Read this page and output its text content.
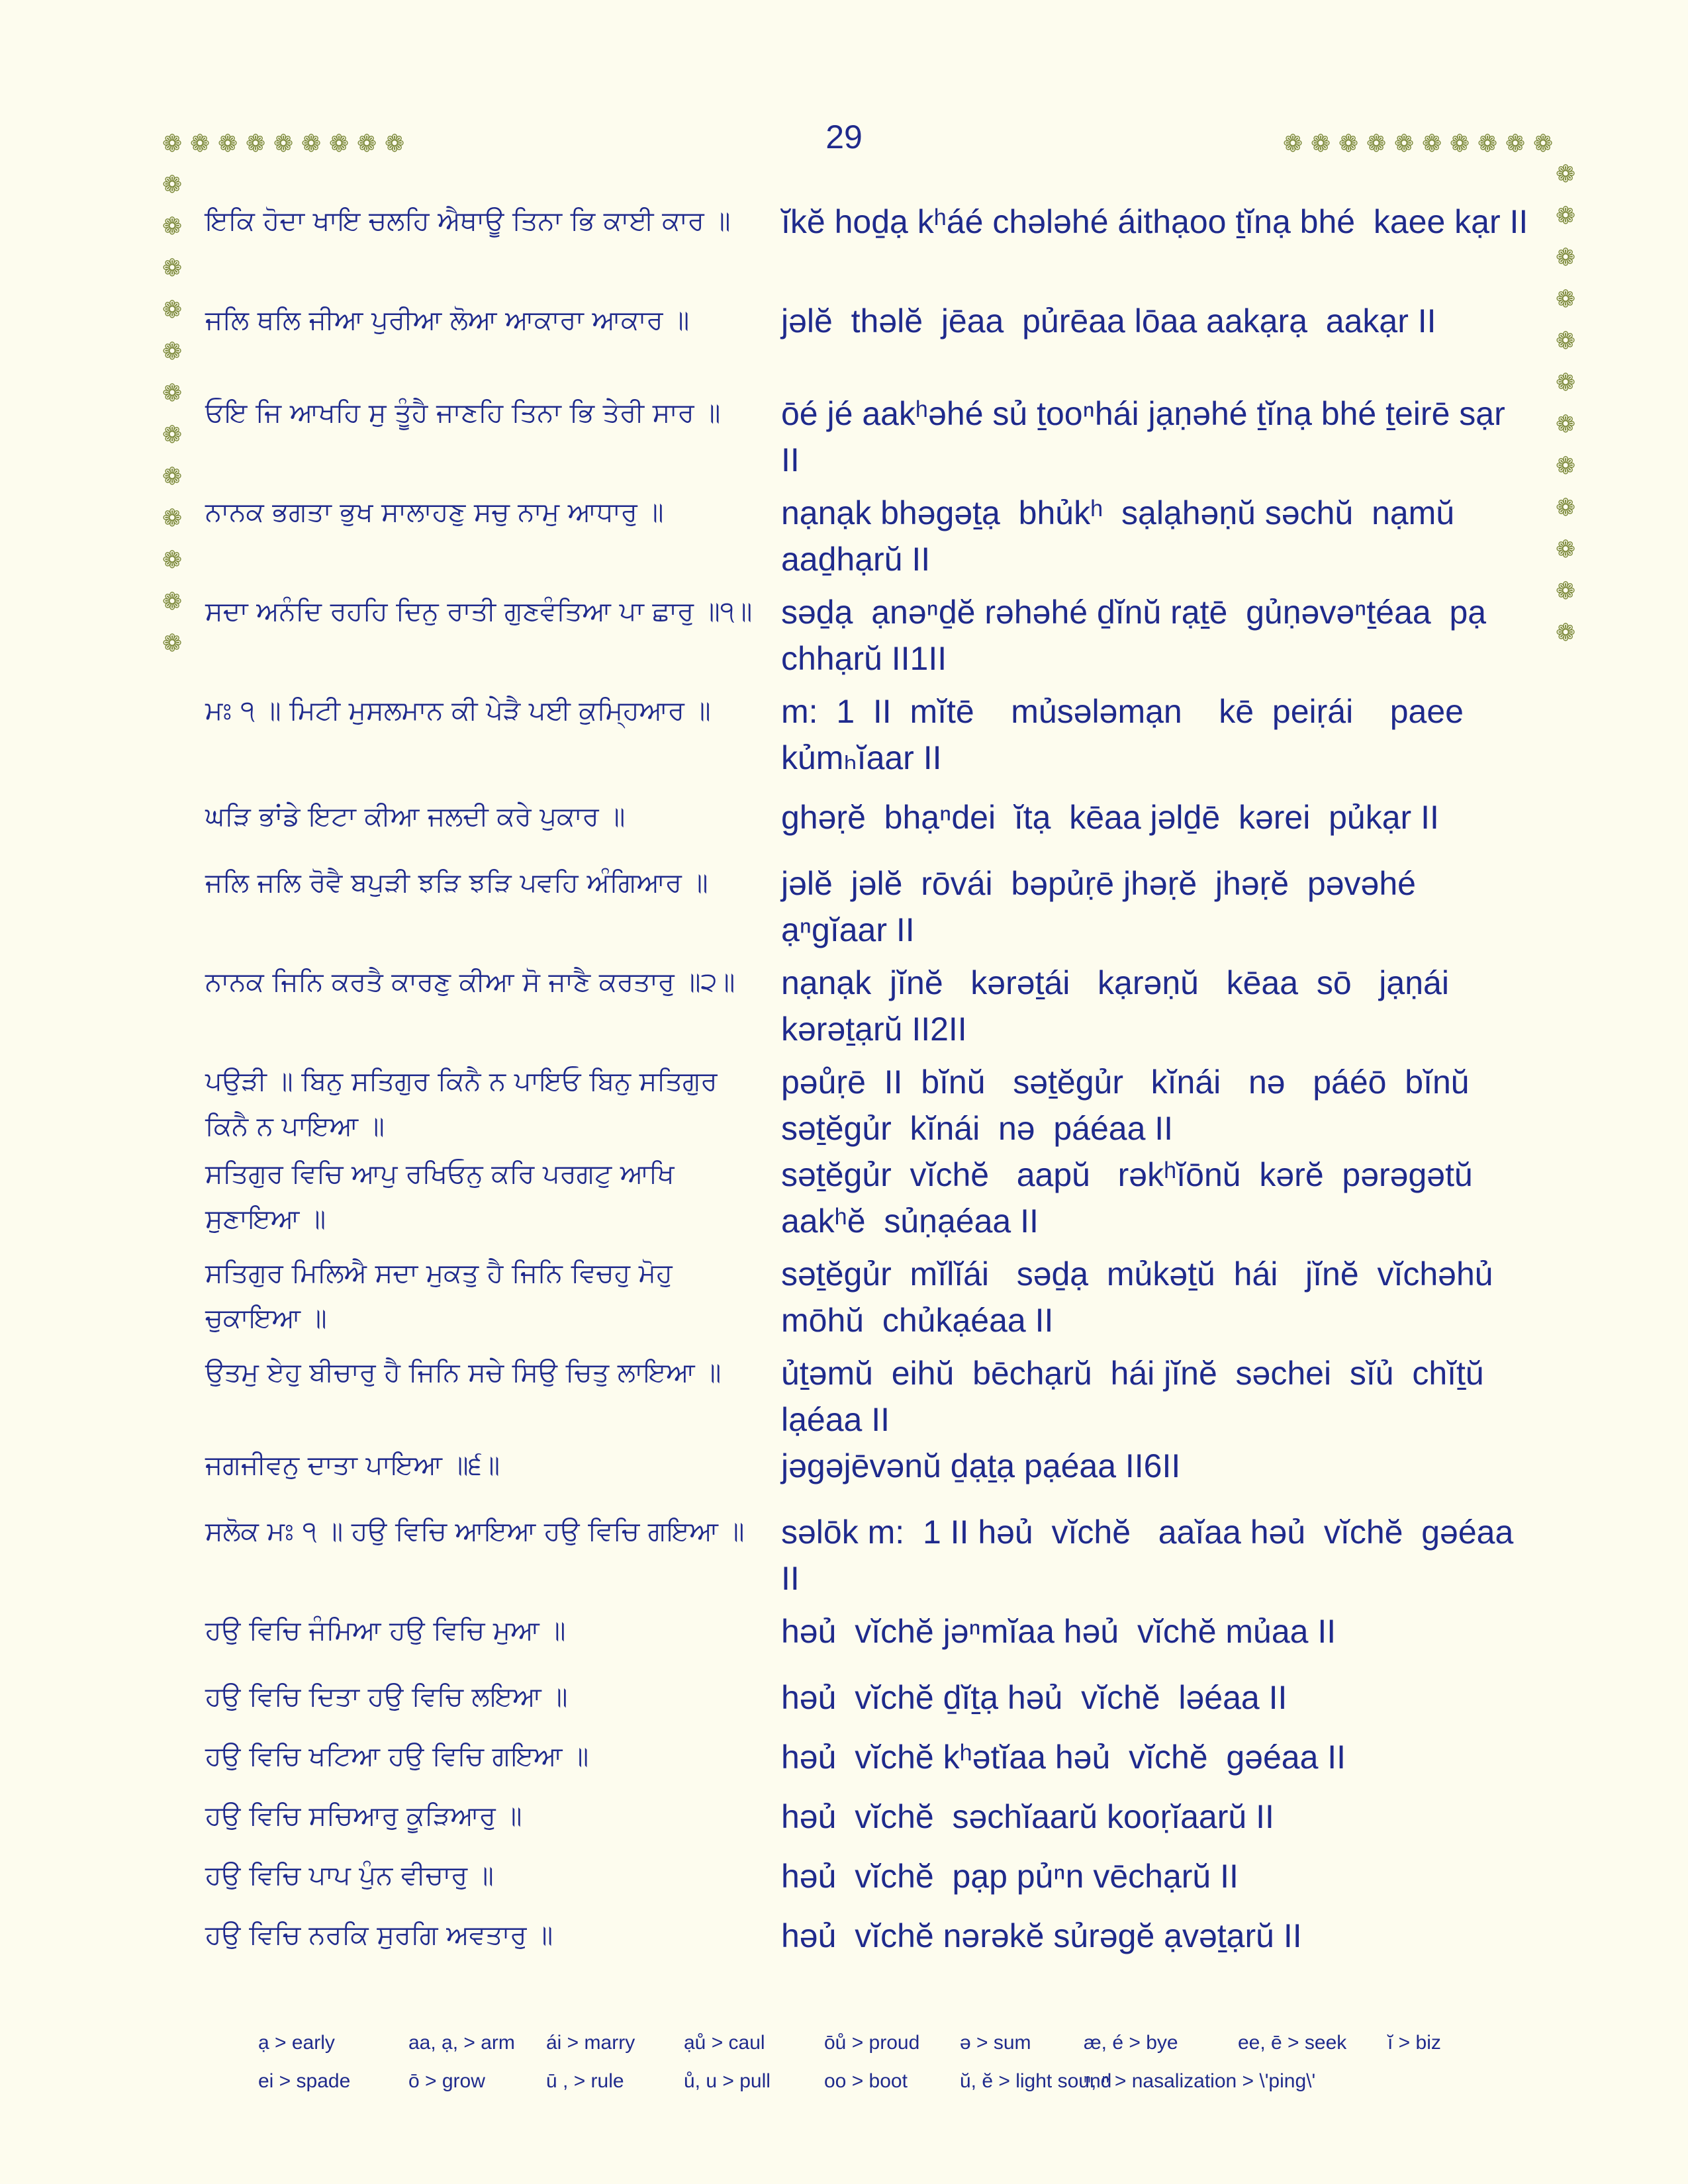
29
❁ ❁ ❁ ❁ ❁ ❁ ❁ ❁ ❁	❁ ❁ ❁ ❁ ❁ ❁ ❁ ❁ ❁ ❁
❁
❁
❁
❁
❁
❁
❁
❁
❁
❁
❁
❁
❁
❁
❁
❁
❁
❁
❁
❁
❁
❁
❁
❁
ਇਕਿ ਹੋਦਾ ਖਾਇ ਚਲਹਿ ਐਥਾਊ ਤਿਨਾ ਭਿ ਕਾਈ ਕਾਰ ॥	ĭkĕ hoḏạ kʰáé chələhé áithạoo ṯĭnạ bhé  kaee kạr II
ਜਲਿ ਥਲਿ ਜੀਆ ਪੁਰੀਆ ਲੋਆ ਆਕਾਰਾ ਆਕਾਰ ॥	jəlĕ  thəlĕ  jēaa  pủrēaa lōaa aakạrạ  aakạr II
ਓਇ ਜਿ ਆਖਹਿ ਸੁ ਤੂੰਹੈ ਜਾਣਹਿ ਤਿਨਾ ਭਿ ਤੇਰੀ ਸਾਰ ॥	ōé jé aakʰəhé sủ ṯooⁿhái jạṇəhé ṯĭnạ bhé ṯeirē sạr II
ਨਾਨਕ ਭਗਤਾ ਭੁਖ ਸਾਲਾਹਣੁ ਸਚੁ ਨਾਮੁ ਆਧਾਰੁ ॥	nạnạk bhəgəṯạ  bhủkʰ  sạlạhəṇŭ səchŭ  nạmŭ aaḏhạrŭ II
ਸਦਾ ਅਨੰਦਿ ਰਹਹਿ ਦਿਨੁ ਰਾਤੀ ਗੁਣਵੰਤਿਆ ਪਾ ਛਾਰੁ ॥੧॥ səḏạ  ạnəⁿḏĕ rəhəhé ḏĭnŭ rạṯē  gủṇəvəⁿṯéaa  pạ chhạrŭ II1II
ਮਃ ੧ ॥ ਮਿਟੀ ਮੁਸਲਮਾਨ ਕੀ ਪੇੜੈ ਪਈ ਕੁਮ੍ਹਿਆਰ ॥	m:  1  II  mĭtē    mủsələmạn    kē  peiṛái    paee kủmₕĭaar II
ਘੜਿ ਭਾਂਡੇ ਇਟਾ ਕੀਆ ਜਲਦੀ ਕਰੇ ਪੁਕਾਰ ॥	ghəṛĕ  bhạⁿdei  ĭtạ  kēaa jəlḏē  kərei  pủkạr II
ਜਲਿ ਜਲਿ ਰੋਵੈ ਬਪੁੜੀ ਝੜਿ ਝੜਿ ਪਵਹਿ ਅੰਗਿਆਰ ॥	jəlĕ  jəlĕ  rōvái  bəpủṛē jhəṛĕ  jhəṛĕ  pəvəhé ạⁿgĭaar II
ਨਾਨਕ ਜਿਨਿ ਕਰਤੈ ਕਾਰਣੁ ਕੀਆ ਸੋ ਜਾਣੈ ਕਰਤਾਰੁ ॥੨॥	nạnạk  jĭnĕ   kərəṯái   kạrəṇŭ   kēaa  sō   jạṇái kərəṯạrŭ II2II
ਪਉੜੀ ॥ ਬਿਨੁ ਸਤਿਗੁਰ ਕਿਨੈ ਨ ਪਾਇਓ ਬਿਨੁ ਸਤਿਗੁਰ ਕਿਨੈ ਨ ਪਾਇਆ ॥
pəůṛē  II  bĭnŭ   səṯĕgủr   kĭnái   nə   páéō  bĭnŭ səṯĕgủr  kĭnái  nə  páéaa II
ਸਤਿਗੁਰ ਵਿਚਿ ਆਪੁ ਰਖਿਓਨੁ ਕਰਿ ਪਰਗਟੁ ਆਖਿ ਸੁਣਾਇਆ ॥
səṯĕgủr  vĭchĕ   aapŭ   rəkʰĭōnŭ  kərĕ  pərəgətŭ aakʰĕ  sủṇạéaa II
ਸਤਿਗੁਰ ਮਿਲਿਐ ਸਦਾ ਮੁਕਤੁ ਹੈ ਜਿਨਿ ਵਿਚਹੁ ਮੋਹੁ ਚੁਕਾਇਆ ॥
səṯĕgủr  mĭlĭái   səḏạ  mủkəṯŭ  hái   jĭnĕ  vĭchəhủ mōhŭ  chủkạéaa II
ਉਤਮੁ ਏਹੁ ਬੀਚਾਰੁ ਹੈ ਜਿਨਿ ਸਚੇ ਸਿਉ ਚਿਤੁ ਲਾਇਆ ॥	ủṯəmŭ  eihŭ  bēchạrŭ  hái jĭnĕ  səchei  sĭủ  chĭṯŭ lạéaa II
ਜਗਜੀਵਨੁ ਦਾਤਾ ਪਾਇਆ ॥੬॥	jəgəjēvənŭ ḏạṯạ pạéaa II6II
ਸਲੋਕ ਮਃ ੧ ॥ ਹਉ ਵਿਚਿ ਆਇਆ ਹਉ ਵਿਚਿ ਗਇਆ ॥	səlōk m:  1 II həủ  vĭchĕ   aaĭaa həủ  vĭchĕ  gəéaa II
ਹਉ ਵਿਚਿ ਜੰਮਿਆ ਹਉ ਵਿਚਿ ਮੁਆ ॥	həủ  vĭchĕ jəⁿmĭaa həủ  vĭchĕ mủaa II
ਹਉ ਵਿਚਿ ਦਿਤਾ ਹਉ ਵਿਚਿ ਲਇਆ ॥	həủ  vĭchĕ ḏĭṯạ həủ  vĭchĕ  ləéaa II
ਹਉ ਵਿਚਿ ਖਟਿਆ ਹਉ ਵਿਚਿ ਗਇਆ ॥	həủ  vĭchĕ kʰətĭaa həủ  vĭchĕ  gəéaa II
ਹਉ ਵਿਚਿ ਸਚਿਆਰੁ ਕੂੜਿਆਰੁ ॥	həủ  vĭchĕ  səchĭaarŭ kooṛĭaarŭ II
ਹਉ ਵਿਚਿ ਪਾਪ ਪੁੰਨ ਵੀਚਾਰੁ ॥	həủ  vĭchĕ  pạp pủⁿn vēchạrŭ II
ਹਉ ਵਿਚਿ ਨਰਕਿ ਸੁਰਗਿ ਅਵਤਾਰੁ ॥	həủ  vĭchĕ nərəkĕ sủrəgĕ ạvəṯạrŭ II
ạ > early	aa, ạ, > arm ái > marry ạů > caul	ōů > proud ə > sum	æ, é > bye	ee, ē > seek ĭ > biz
ei > spade	ō > grow	ū , > rule	ů, u > pull	oo > boot	ŭ, ĕ > light sound
ⁿ, ⁿ > nasalization > \'ping\'
